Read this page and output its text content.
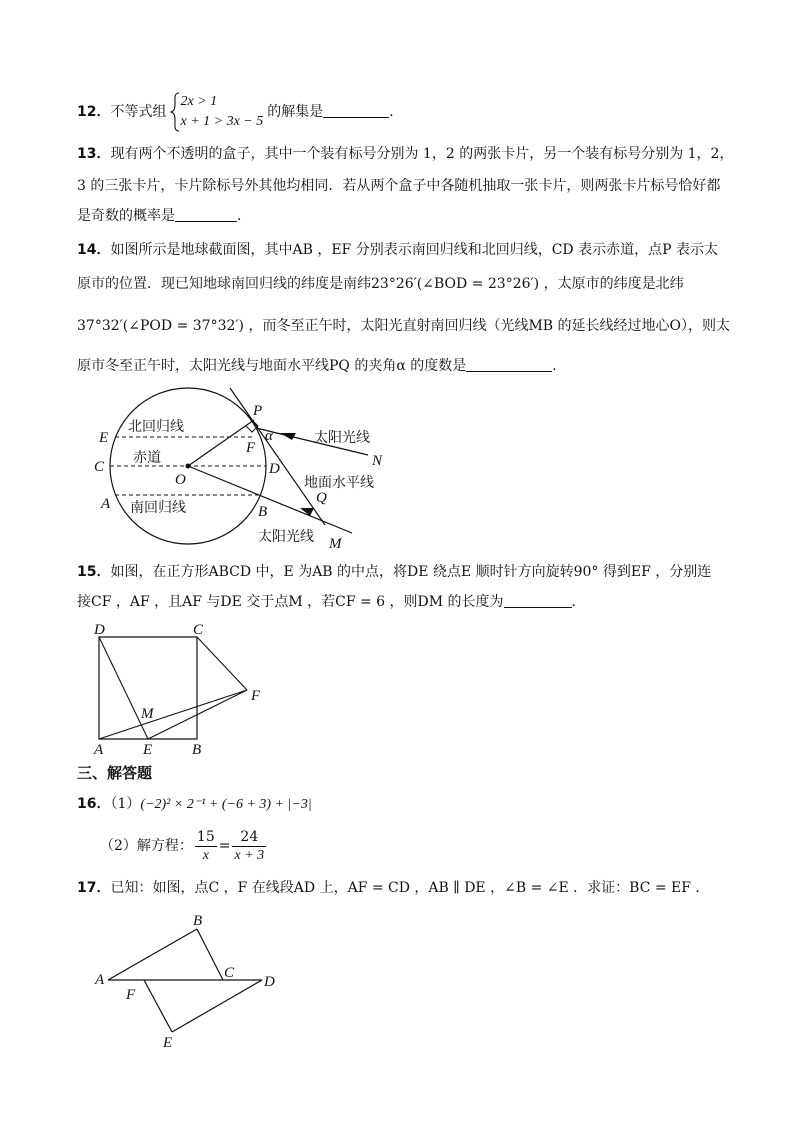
12．不等式组
2x > 1
x + 1 > 3x − 5
的解集是	．
13．现有两个不透明的盒子，其中一个装有标号分别为 1，2 的两张卡片，另一个装有标号分别为 1，2，
3 的三张卡片，卡片除标号外其他均相同．若从两个盒子中各随机抽取一张卡片，则两张卡片标号恰好都
是奇数的概率是	．
14．如图所示是地球截面图，其中AB ，EF 分别表示南回归线和北回归线，CD 表示赤道，点P 表示太
原市的位置．现已知地球南回归线的纬度是南纬23°26′(∠BOD = 23°26′) ，太原市的纬度是北纬
37°32′(∠POD = 37°32′) ，而冬至正午时，太阳光直射南回归线（光线MB 的延长线经过地心O），则太
原市冬至正午时，太阳光线与地面水平线PQ 的夹角α 的度数是	．
北回归线
赤道
南回归线
太阳光线
地面水平线
太阳光线
P
E
F
α
C	D
O
N
A	Q
B
M
15．如图，在正方形ABCD 中，E 为AB 的中点，将DE 绕点E 顺时针方向旋转90° 得到EF ，分别连
接CF ，AF ，且AF 与DE 交于点M ，若CF = 6 ，则DM 的长度为	．
D	C
F
M
A	E	B
三、解答题
16．（1）(−2)² × 2⁻¹ + (−6 + 3) + |−3|
（2）解方程： $\frac{15}{x} = \frac{24}{x + 3}$
17．已知：如图，点C ，F 在线段AD 上，AF = CD ，AB ∥ DE ，∠B = ∠E ．求证：BC = EF ．
B
A	C
D
F
E
